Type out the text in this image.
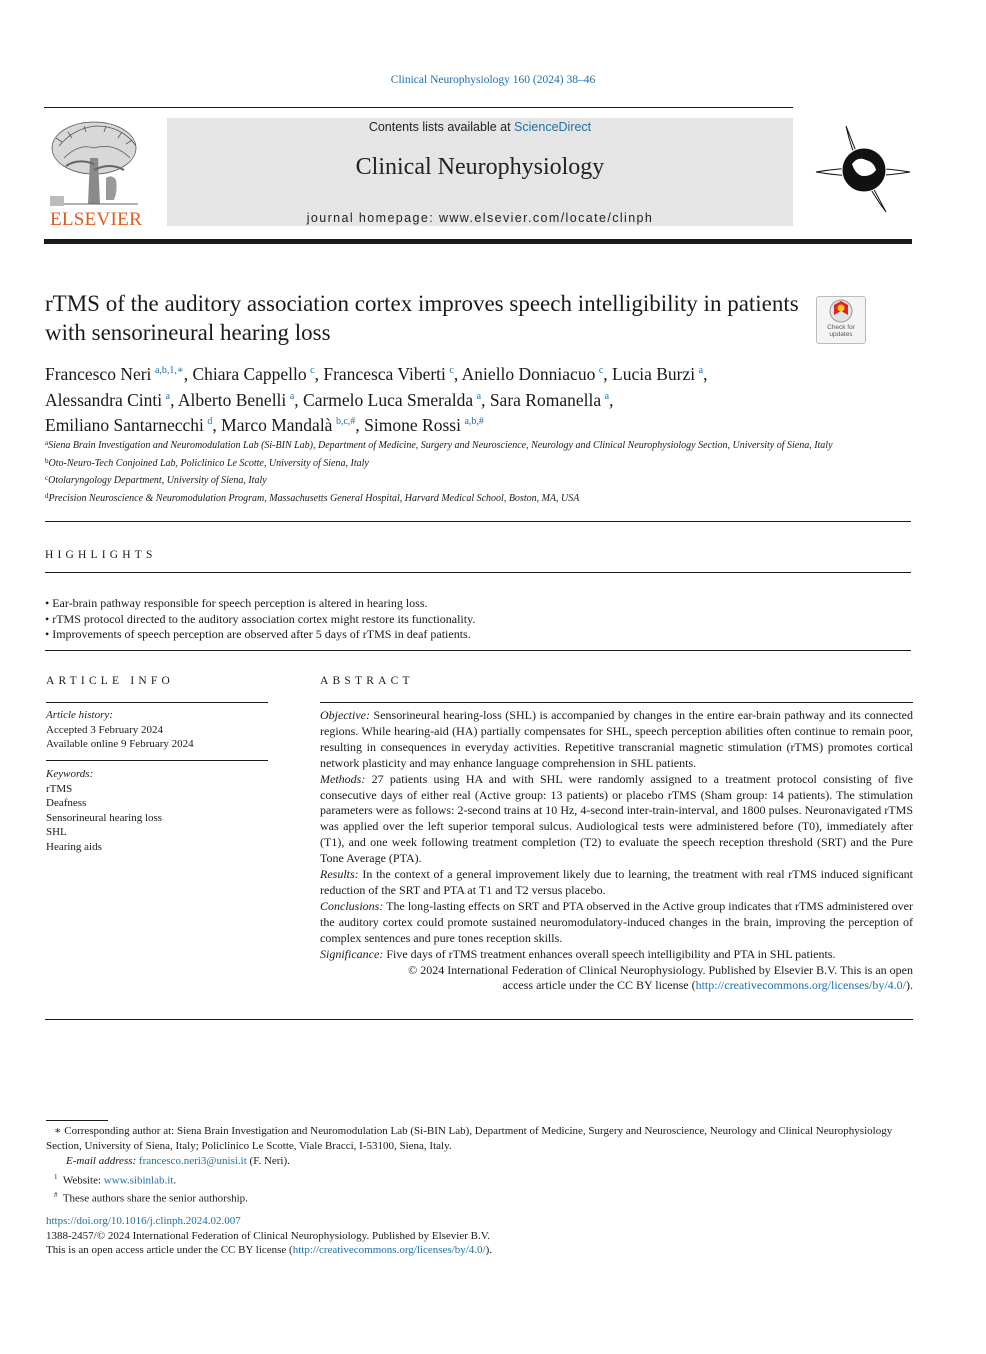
Clinical Neurophysiology 160 (2024) 38–46
ELSEVIER
Contents lists available at ScienceDirect
Clinical Neurophysiology
journal homepage: www.elsevier.com/locate/clinph
rTMS of the auditory association cortex improves speech intelligibility in patients with sensorineural hearing loss	Check for updates
Francesco Neri  $^{a,b,1,∗}$, Chiara Cappello  $^c$, Francesca Viberti  $^c$, Aniello Donniacuo  $^c$, Lucia Burzi  $^a$,
Alessandra Cinti  $^a$, Alberto Benelli  $^a$, Carmelo Luca Smeralda  $^a$, Sara Romanella  $^a$,
Emiliano Santarnecchi  $^d$, Marco Mandalà  $^{b,c,\#}$, Simone Rossi  $^{a,b,\#}$
$^a$Siena Brain Investigation and Neuromodulation Lab (Si-BIN Lab), Department of Medicine, Surgery and Neuroscience, Neurology and Clinical Neurophysiology Section, University of Siena, Italy
$^b$Oto-Neuro-Tech Conjoined Lab, Policlinico Le Scotte, University of Siena, Italy
$^c$Otolaryngology Department, University of Siena, Italy
$^d$Precision Neuroscience & Neuromodulation Program, Massachusetts General Hospital, Harvard Medical School, Boston, MA, USA
HIGHLIGHTS
• Ear-brain pathway responsible for speech perception is altered in hearing loss.
• rTMS protocol directed to the auditory association cortex might restore its functionality.
• Improvements of speech perception are observed after 5 days of rTMS in deaf patients.
ARTICLE INFO
Article history:
Accepted 3 February 2024
Available online 9 February 2024
Keywords:
rTMS
Deafness
Sensorineural hearing loss
SHL
Hearing aids
ABSTRACT
Objective: Sensorineural hearing-loss (SHL) is accompanied by changes in the entire ear-brain pathway and its connected regions. While hearing-aid (HA) partially compensates for SHL, speech perception abilities often continue to remain poor, resulting in consequences in everyday activities. Repetitive transcranial magnetic stimulation (rTMS) promotes cortical network plasticity and may enhance language comprehension in SHL patients.
Methods: 27 patients using HA and with SHL were randomly assigned to a treatment protocol consisting of five consecutive days of either real (Active group: 13 patients) or placebo rTMS (Sham group: 14 patients). The stimulation parameters were as follows: 2-second trains at 10 Hz, 4-second inter-train-interval, and 1800 pulses. Neuronavigated rTMS was applied over the left superior temporal sulcus. Audiological tests were administered before (T0), immediately after (T1), and one week following treatment completion (T2) to evaluate the speech reception threshold (SRT) and the Pure Tone Average (PTA).
Results: In the context of a general improvement likely due to learning, the treatment with real rTMS induced significant reduction of the SRT and PTA at T1 and T2 versus placebo.
Conclusions: The long-lasting effects on SRT and PTA observed in the Active group indicates that rTMS administered over the auditory cortex could promote sustained neuromodulatory-induced changes in the brain, improving the perception of complex sentences and pure tones reception skills.
Significance: Five days of rTMS treatment enhances overall speech intelligibility and PTA in SHL patients.
© 2024 International Federation of Clinical Neurophysiology. Published by Elsevier B.V. This is an open
access article under the CC BY license (http://creativecommons.org/licenses/by/4.0/).
∗ Corresponding author at: Siena Brain Investigation and Neuromodulation Lab (Si-BIN Lab), Department of Medicine, Surgery and Neuroscience, Neurology and Clinical Neurophysiology Section, University of Siena, Italy; Policlinico Le Scotte, Viale Bracci, I-53100, Siena, Italy.
E-mail address: francesco.neri3@unisi.it (F. Neri).
$^1$ Website: www.sibinlab.it.
# These authors share the senior authorship.
https://doi.org/10.1016/j.clinph.2024.02.007
1388-2457/© 2024 International Federation of Clinical Neurophysiology. Published by Elsevier B.V.
This is an open access article under the CC BY license (http://creativecommons.org/licenses/by/4.0/).
